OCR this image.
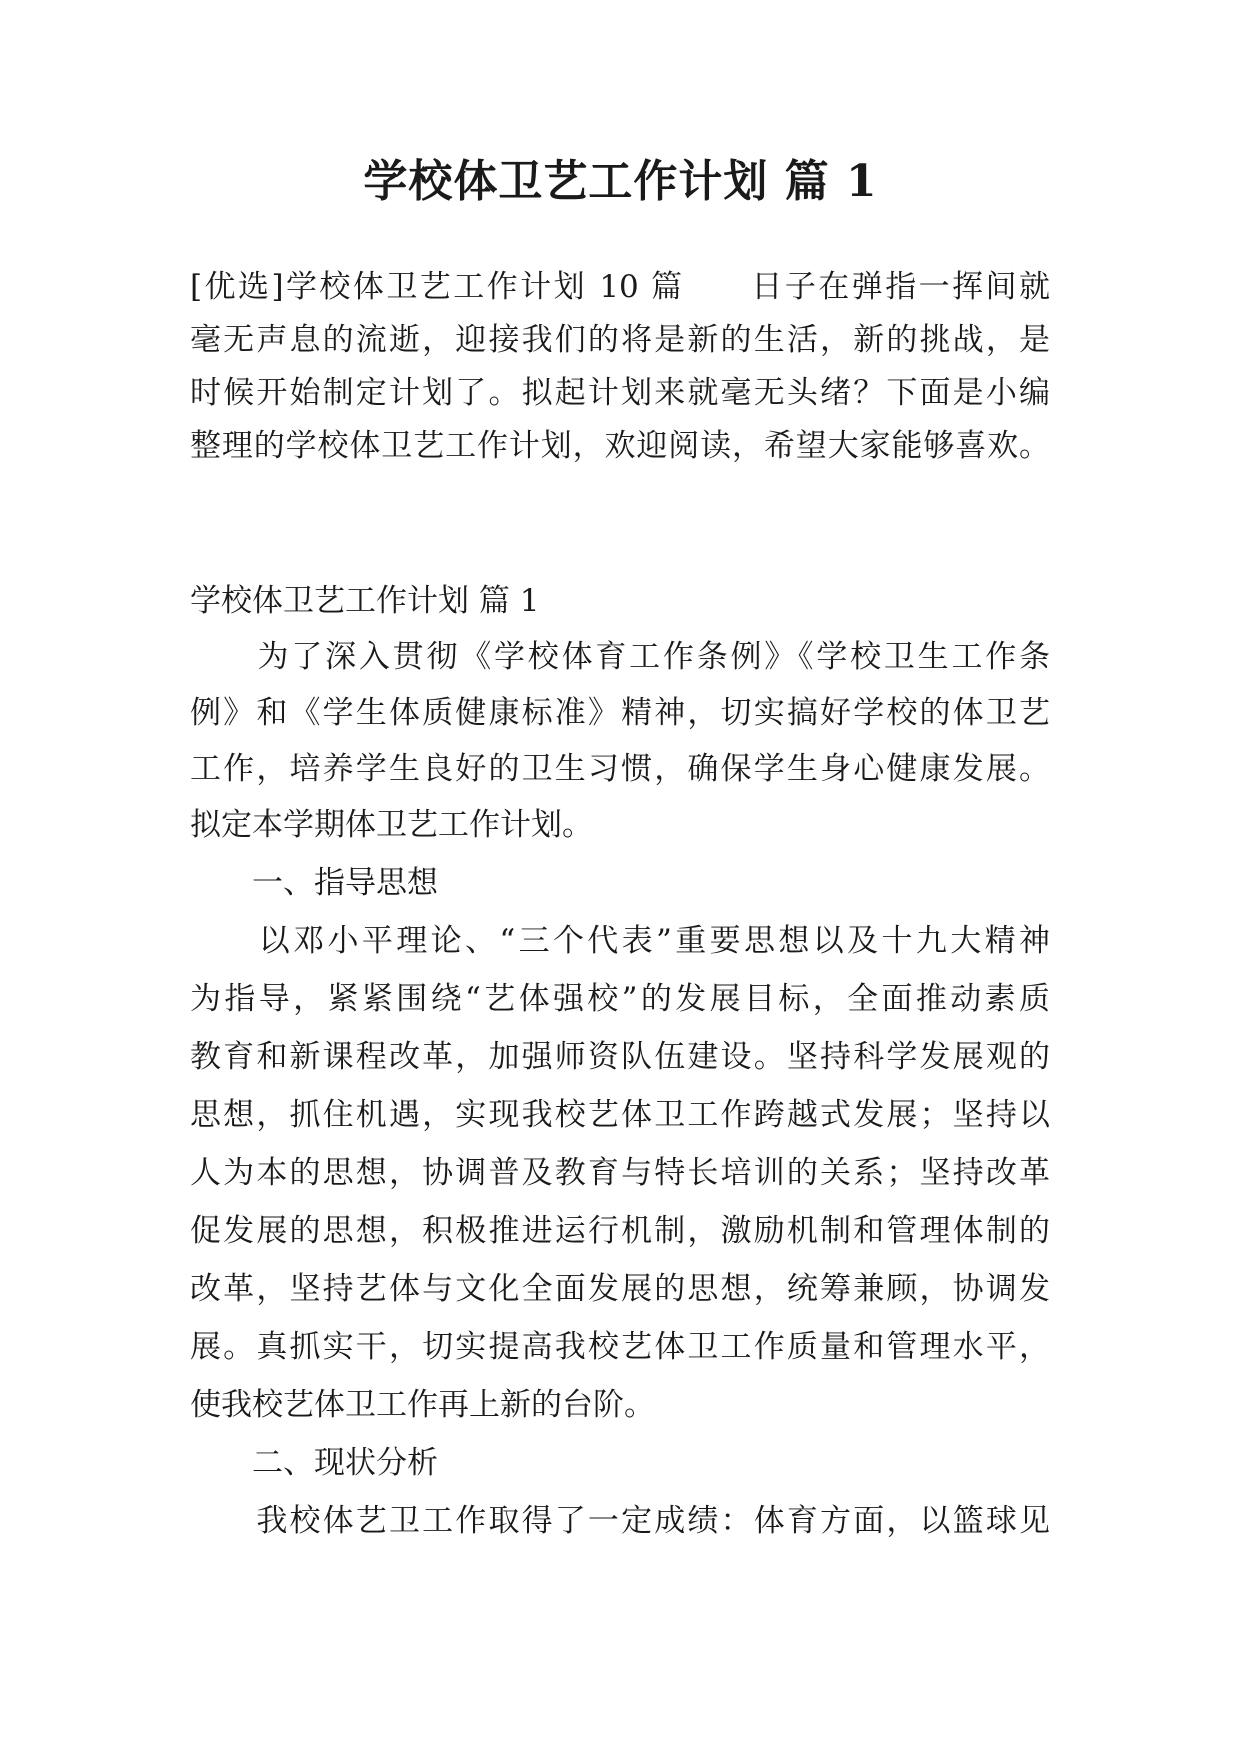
学校体卫艺工作计划 篇 1

[优选]学校体卫艺工作计划 10 篇　　日子在弹指一挥间就

毫无声息的流逝，迎接我们的将是新的生活，新的挑战，是

时候开始制定计划了。拟起计划来就毫无头绪？下面是小编

整理的学校体卫艺工作计划，欢迎阅读，希望大家能够喜欢。

学校体卫艺工作计划 篇 1

　　为了深入贯彻《学校体育工作条例》《学校卫生工作条

例》和《学生体质健康标准》精神，切实搞好学校的体卫艺

工作，培养学生良好的卫生习惯，确保学生身心健康发展。

拟定本学期体卫艺工作计划。

　　一、指导思想

　　以邓小平理论、“三个代表”重要思想以及十九大精神

为指导，紧紧围绕“艺体强校”的发展目标，全面推动素质

教育和新课程改革，加强师资队伍建设。坚持科学发展观的

思想，抓住机遇，实现我校艺体卫工作跨越式发展；坚持以

人为本的思想，协调普及教育与特长培训的关系；坚持改革

促发展的思想，积极推进运行机制，激励机制和管理体制的

改革，坚持艺体与文化全面发展的思想，统筹兼顾，协调发

展。真抓实干，切实提高我校艺体卫工作质量和管理水平，

使我校艺体卫工作再上新的台阶。

　　二、现状分析

　　我校体艺卫工作取得了一定成绩：体育方面，以篮球见
